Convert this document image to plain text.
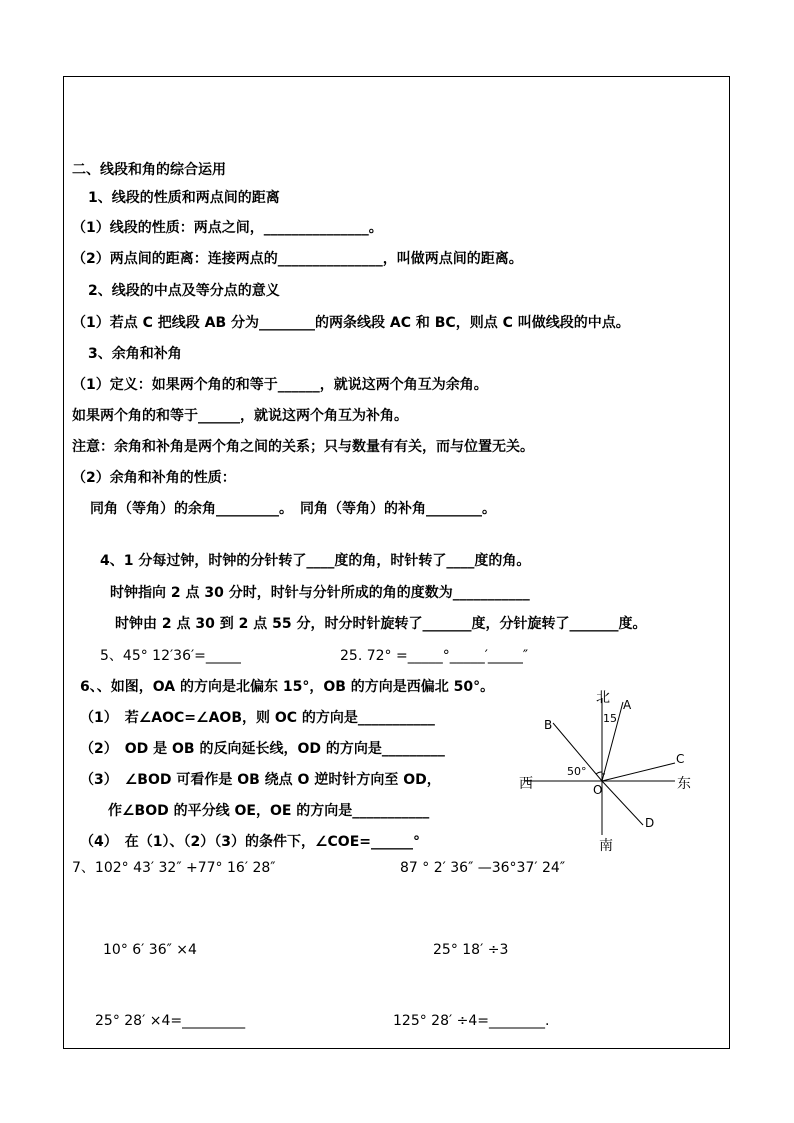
二、线段和角的综合运用
1、线段的性质和两点间的距离
（1）线段的性质：两点之间，_______________。
（2）两点间的距离：连接两点的_______________，叫做两点间的距离。
2、线段的中点及等分点的意义
（1）若点 C 把线段 AB 分为________的两条线段 AC 和 BC，则点 C 叫做线段的中点。
3、余角和补角
（1）定义：如果两个角的和等于______，就说这两个角互为余角。
如果两个角的和等于______，就说这两个角互为补角。
注意：余角和补角是两个角之间的关系；只与数量有有关，而与位置无关。
（2）余角和补角的性质：
同角（等角）的余角_________。　同角（等角）的补角________。
4、1 分每过钟，时钟的分针转了____度的角，时针转了____度的角。
时钟指向 2 点 30 分时，时针与分针所成的角的度数为___________
时钟由 2 点 30 到 2 点 55 分，时分时针旋转了_______度，分针旋转了_______度。
5、45° 12′36′=_____	25. 72° =_____°_____′_____″
6、、如图，OA 的方向是北偏东 15°，OB 的方向是西偏北 50°。
（1）　若∠AOC=∠AOB，则 OC 的方向是___________
（2）　OD 是 OB 的反向延长线，OD 的方向是_________
（3）　∠BOD 可看作是 OB 绕点 O 逆时针方向至 OD，
作∠BOD 的平分线 OE，OE 的方向是___________
（4）　在（1）、（2）（3）的条件下，∠COE=______°
7、102° 43′ 32″ +77° 16′ 28″	87 ° 2′ 36″ —36°37′ 24″
10° 6′ 36″ ×4	25° 18′ ÷3
25° 28′ ×4=_________	125° 28′ ÷4=________.
北
南
西	东
A
B
C
D
O
15
50°
